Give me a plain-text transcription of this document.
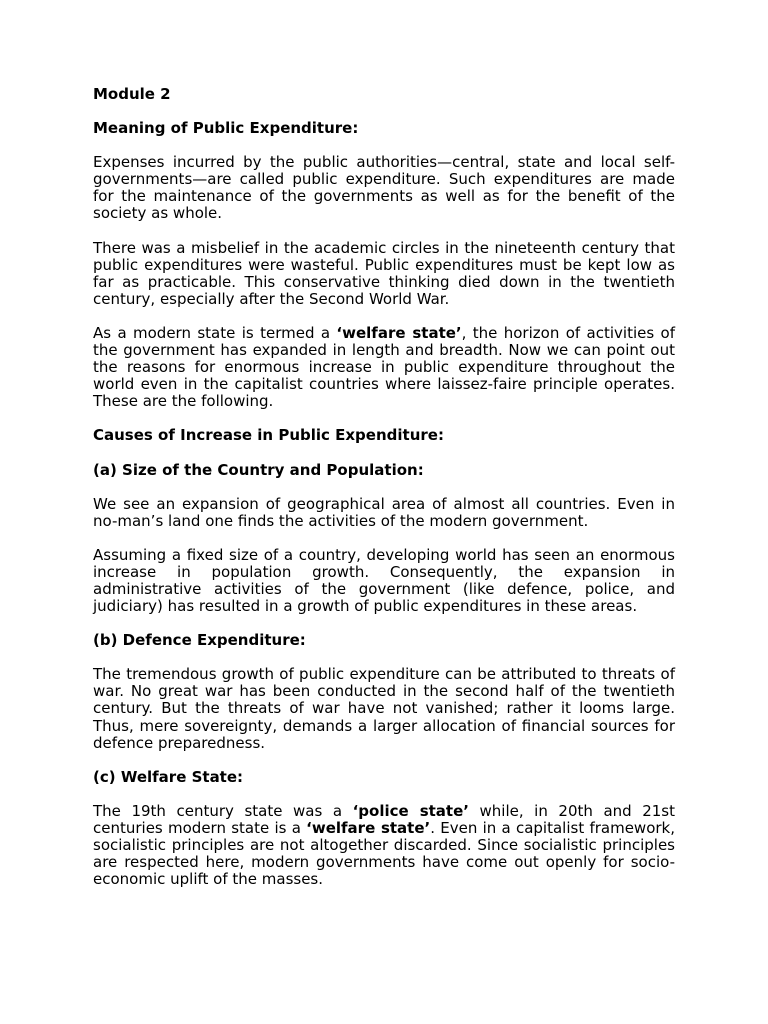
Module 2
Meaning of Public Expenditure:

Expenses incurred by the public authorities—central, state and local self- governments—are called public expenditure. Such expenditures are made for the maintenance of the governments as well as for the benefit of the society as whole.

There was a misbelief in the academic circles in the nineteenth century that public expenditures were wasteful. Public expenditures must be kept low as far as practicable. This conservative thinking died down in the twentieth century, especially after the Second World War.

As a modern state is termed a ‘welfare state’, the horizon of activities of the government has expanded in length and breadth. Now we can point out the reasons for enormous increase in public expenditure throughout the world even in the capitalist countries where laissez-faire principle operates. These are the following.

Causes of Increase in Public Expenditure:
(a) Size of the Country and Population:

We see an expansion of geographical area of almost all countries. Even in no-man’s land one finds the activities of the modern government.

Assuming a fixed size of a country, developing world has seen an enormous increase in population growth. Consequently, the expansion in administrative activities of the government (like defence, police, and judiciary) has resulted in a growth of public expenditures in these areas.

(b) Defence Expenditure:

The tremendous growth of public expenditure can be attributed to threats of war. No great war has been conducted in the second half of the twentieth century. But the threats of war have not vanished; rather it looms large. Thus, mere sovereignty, demands a larger allocation of financial sources for defence preparedness.

(c) Welfare State:

The 19th century state was a ‘police state’ while, in 20th and 21st centuries modern state is a ‘welfare state’. Even in a capitalist framework, socialistic principles are not altogether discarded. Since socialistic principles are respected here, modern governments have come out openly for socio-economic uplift of the masses.
